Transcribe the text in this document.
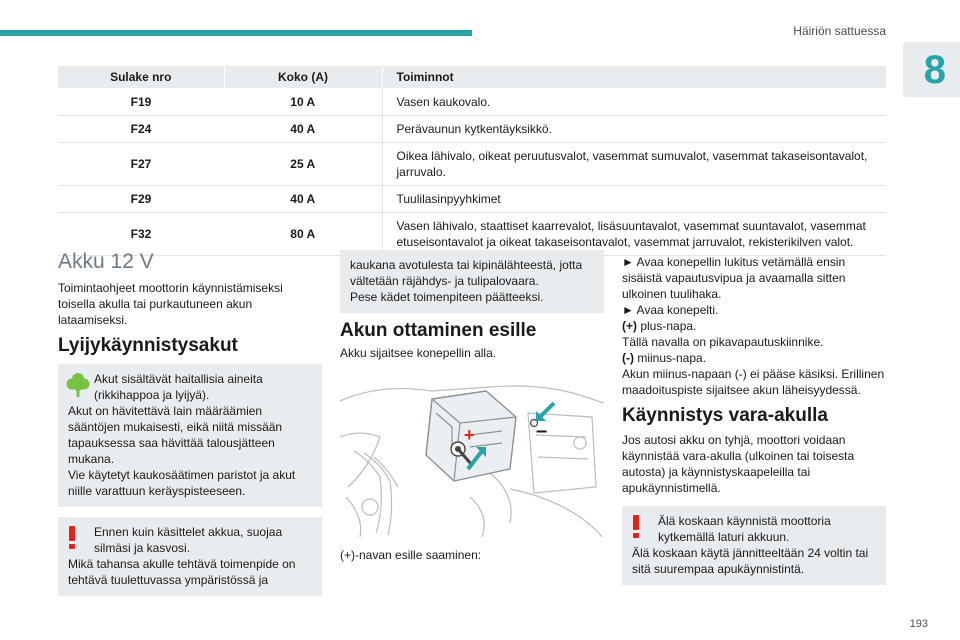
Häiriön sattuessa
8
Sulake nro	Koko (A)	Toiminnot
F19	10 A	Vasen kaukovalo.
F24	40 A	Perävaunun kytkentäyksikkö.
F27	25 A	Oikea lähivalo, oikeat peruutusvalot, vasemmat sumuvalot, vasemmat takaseisontavalot, jarruvalo.
F29	40 A	Tuulilasinpyyhkimet
F32	80 A	Vasen lähivalo, staattiset kaarrevalot, lisäsuuntavalot, vasemmat suuntavalot, vasemmat etuseisontavalot ja oikeat takaseisontavalot, vasemmat jarruvalot, rekisterikilven valot.
Akku 12 V
Toimintaohjeet moottorin käynnistämiseksi toisella akulla tai purkautuneen akun lataamiseksi.
Lyijykäynnistysakut
Akut sisältävät haitallisia aineita (rikkihappoa ja lyijyä).
Akut on hävitettävä lain määräämien sääntöjen mukaisesti, eikä niitä missään tapauksessa saa hävittää talousjätteen mukana.
Vie käytetyt kaukosäätimen paristot ja akut niille varattuun keräyspisteeseen.
Ennen kuin käsittelet akkua, suojaa silmäsi ja kasvosi.
Mikä tahansa akulle tehtävä toimenpide on tehtävä tuulettuvassa ympäristössä ja
kaukana avotulesta tai kipinälähteestä, jotta vältetään räjähdys- ja tulipalovaara.
Pese kädet toimenpiteen päätteeksi.
Akun ottaminen esille
Akku sijaitsee konepellin alla.
+	–
(+)-navan esille saaminen:
► Avaa konepellin lukitus vetämällä ensin sisäistä vapautusvipua ja avaamalla sitten ulkoinen tuulihaka.
► Avaa konepelti.
(+) plus-napa.
Tällä navalla on pikavapautuskiinnike.
(-) miinus-napa.
Akun miinus-napaan (-) ei pääse käsiksi. Erillinen maadoituspiste sijaitsee akun läheisyydessä.
Käynnistys vara-akulla
Jos autosi akku on tyhjä, moottori voidaan käynnistää vara-akulla (ulkoinen tai toisesta autosta) ja käynnistyskaapeleilla tai apukäynnistimellä.
Älä koskaan käynnistä moottoria kytkemällä laturi akkuun.
Älä koskaan käytä jännitteeltään 24 voltin tai sitä suurempaa apukäynnistintä.
193
